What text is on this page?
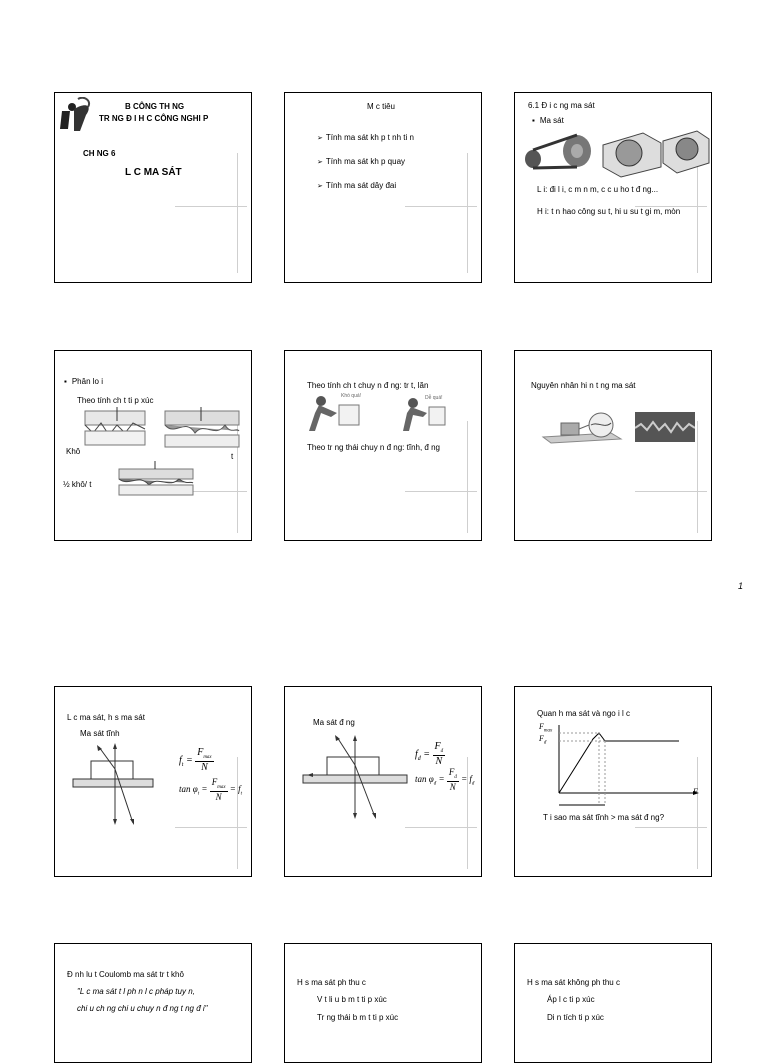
B CÔNG TH NG
TR NG Đ I H C CÔNG NGHI P
CH NG 6
L C MA SÁT
M c tiêu
➢ Tính ma sát kh p t nh ti n
➢ Tính ma sát kh p quay
➢ Tính ma sát dây đai
6.1 Đ i c ng ma sát
▪ Ma sát
L i: đi l i, c m n m, c c u ho t đ ng...
H i: t n hao công su t, hi u su t gi m, mòn
▪ Phân lo i
Theo tính ch t ti p xúc
Khô
t
½ khô/ t
Theo tính ch t chuy n đ ng: tr t, lăn
Khó quá!	Dễ quá!
Theo tr ng thái chuy n đ ng: tĩnh, đ ng
Nguyên nhân hi n t ng ma sát
1
L c ma sát, h s ma sát
Ma sát tĩnh
$f_t$ =
$F_{max}$
N
$\tan \varphi_t$ =
$F_{max}$
N
= $f_t$
Ma sát đ ng
$f_đ = \frac{F_đ}{N}$
$\tan \varphi_đ = \frac{F_đ}{N} = f_đ$
Quan h ma sát và ngo i l c
$F_{max}$
$F_đ$
F
T i sao ma sát tĩnh > ma sát đ ng?
Đ nh lu t Coulomb ma sát tr t khô
"L c ma sát t l ph n l c pháp tuy n,
chi u ch ng chi u chuy n đ ng t ng đ i"
H s ma sát ph thu c
V t li u b m t ti p xúc
Tr ng thái b m t ti p xúc
H s ma sát không ph thu c
Áp l c ti p xúc
Di n tích ti p xúc
